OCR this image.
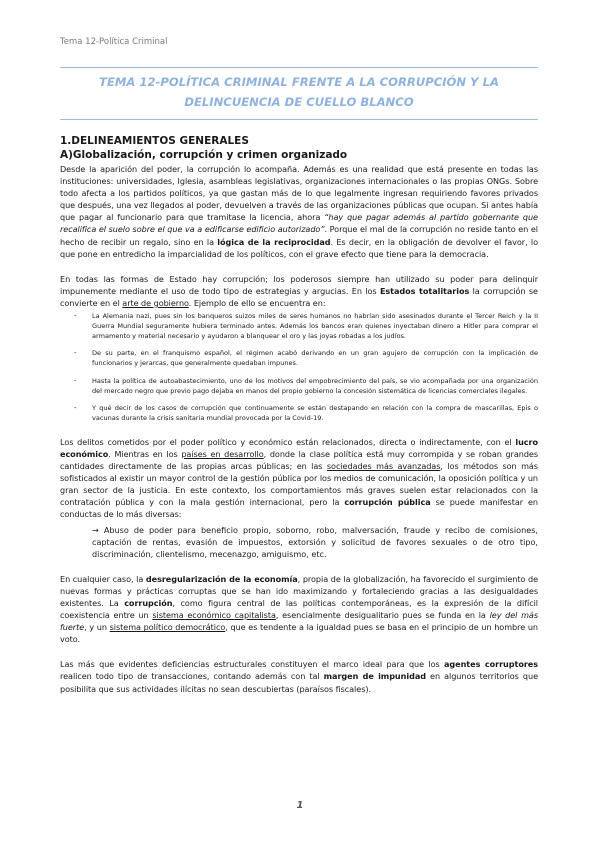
Tema 12-Política Criminal
TEMA 12-POLÍTICA CRIMINAL FRENTE A LA CORRUPCIÓN Y LA
DELINCUENCIA DE CUELLO BLANCO
1.DELINEAMIENTOS GENERALES
A)Globalización, corrupción y crimen organizado

Desde la aparición del poder, la corrupción lo acompaña. Además es una realidad que está presente en todas las instituciones: universidades, Iglesia, asambleas legislativas, organizaciones internacionales o las propias ONGs. Sobre todo afecta a los partidos políticos, ya que gastan más de lo que legalmente ingresan requiriendo favores privados que después, una vez llegados al poder, devuelven a través de las organizaciones públicas que ocupan. Si antes había que pagar al funcionario para que tramitase la licencia, ahora “hay que pagar además al partido gobernante que recalifica el suelo sobre el que va a edificarse edificio autorizado”. Porque el mal de la corrupción no reside tanto en el hecho de recibir un regalo, sino en la lógica de la reciprocidad. Es decir, en la obligación de devolver el favor, lo que pone en entredicho la imparcialidad de los políticos, con el grave efecto que tiene para la democracia.

En todas las formas de Estado hay corrupción; los poderosos siempre han utilizado su poder para delinquir impunemente mediante el uso de todo tipo de estrategias y argucias. En los Estados totalitarios la corrupción se convierte en el arte de gobierno. Ejemplo de ello se encuentra en:

- La Alemania nazi, pues sin los banqueros suizos miles de seres humanos no habrían sido asesinados durante el Tercer Reich y la II Guerra Mundial seguramente hubiera terminado antes. Además los bancos eran quienes inyectaban dinero a Hitler para comprar el armamento y material necesario y ayudaron a blanquear el oro y las joyas robadas a los judíos.
- De su parte, en el franquismo español, el régimen acabó derivando en un gran agujero de corrupción con la implicación de funcionarios y jerarcas, que generalmente quedaban impunes.
- Hasta la política de autoabastecimiento, uno de los motivos del empobrecimiento del país, se vio acompañada por una organización del mercado negro que previo pago dejaba en manos del propio gobierno la concesión sistemática de licencias comerciales ilegales.
- Y qué decir de los casos de corrupción que continuamente se están destapando en relación con la compra de mascarillas, Epis o vacunas durante la crisis sanitaria mundial provocada por la Covid-19.

Los delitos cometidos por el poder político y económico están relacionados, directa o indirectamente, con el lucro económico. Mientras en los países en desarrollo, donde la clase política está muy corrompida y se roban grandes cantidades directamente de las propias arcas públicas; en las sociedades más avanzadas, los métodos son más sofisticados al existir un mayor control de la gestión pública por los medios de comunicación, la oposición política y un gran sector de la justicia. En este contexto, los comportamientos más graves suelen estar relacionados con la contratación pública y con la mala gestión internacional, pero la corrupción pública se puede manifestar en conductas de lo más diversas:

→ Abuso de poder para beneficio propio, soborno, robo, malversación, fraude y recibo de comisiones, captación de rentas, evasión de impuestos, extorsión y solicitud de favores sexuales o de otro tipo, discriminación, clientelismo, mecenazgo, amiguismo, etc.

En cualquier caso, la desregularización de la economía, propia de la globalización, ha favorecido el surgimiento de nuevas formas y prácticas corruptas que se han ido maximizando y fortaleciendo gracias a las desigualdades existentes. La corrupción, como figura central de las políticas contemporáneas, es la expresión de la difícil coexistencia entre un sistema económico capitalista, esencialmente desigualitario pues se funda en la ley del más fuerte, y un sistema político democrático, que es tendente a la igualdad pues se basa en el principio de un hombre un voto.

Las más que evidentes deficiencias estructurales constituyen el marco ideal para que los agentes corruptores realicen todo tipo de transacciones, contando además con tal margen de impunidad en algunos territorios que posibilita que sus actividades ilícitas no sean descubiertas (paraísos fiscales).

1
